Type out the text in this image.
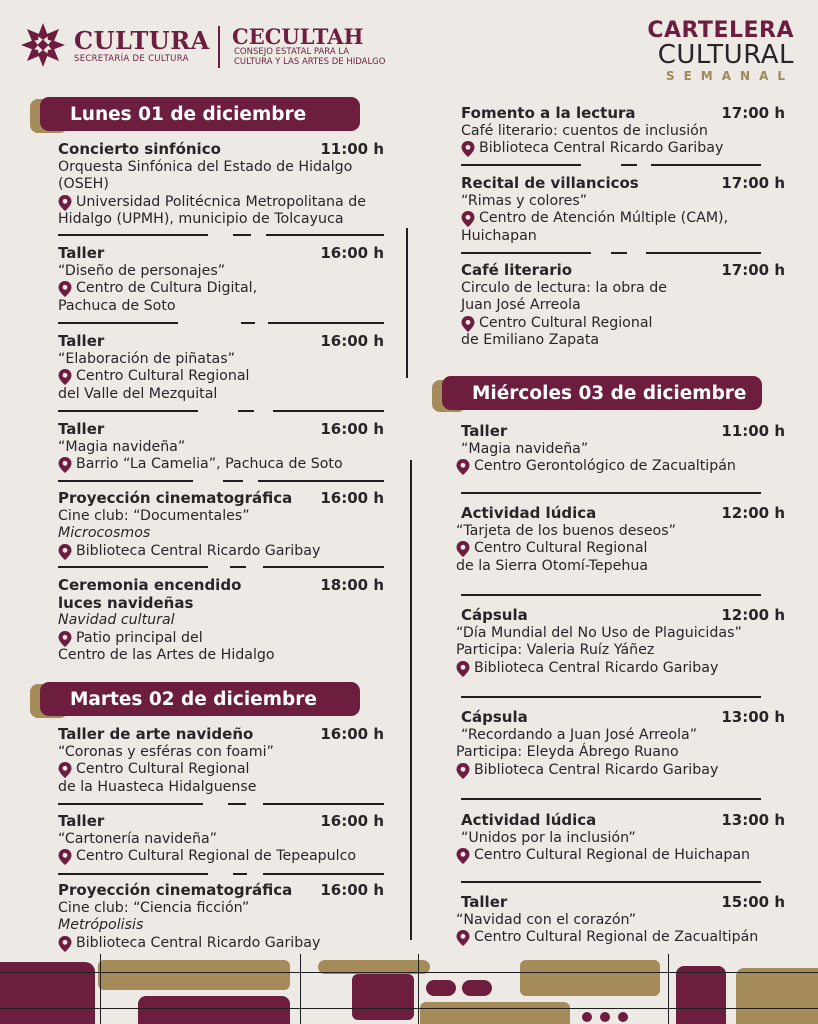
CULTURA
SECRETARÍA DE CULTURA
CECULTAH
CONSEJO ESTATAL PARA LA
CULTURA Y LAS ARTES DE HIDALGO
CARTELERA
CULTURAL
SEMANAL
Lunes 01 de diciembre
Concierto sinfónico	11:00 h
Orquesta Sinfónica del Estado de Hidalgo
(OSEH)
Universidad Politécnica Metropolitana de
Hidalgo (UPMH), municipio de Tolcayuca
Taller	16:00 h
“Diseño de personajes”
Centro de Cultura Digital,
Pachuca de Soto
Taller	16:00 h
“Elaboración de piñatas”
Centro Cultural Regional
del Valle del Mezquital
Taller	16:00 h
“Magia navideña”
Barrio “La Camelia”, Pachuca de Soto
Proyección cinematográfica 16:00 h
Cine club: “Documentales”
Microcosmos
Biblioteca Central Ricardo Garibay
Ceremonia encendido
luces navideñas
18:00 h
Navidad cultural
Patio principal del
Centro de las Artes de Hidalgo
Martes 02 de diciembre
Taller de arte navideño	16:00 h
“Coronas y esféras con foami”
Centro Cultural Regional
de la Huasteca Hidalguense
Taller	16:00 h
“Cartonería navideña”
Centro Cultural Regional de Tepeapulco
Proyección cinematográfica 16:00 h
Cine club: “Ciencia ficción”
Metrópolisis
Biblioteca Central Ricardo Garibay
Fomento a la lectura	17:00 h
Café literario: cuentos de inclusión
Biblioteca Central Ricardo Garibay
Recital de villancicos	17:00 h
“Rimas y colores”
Centro de Atención Múltiple (CAM),
Huichapan
Café literario	17:00 h
Circulo de lectura: la obra de
Juan José Arreola
Centro Cultural Regional
de Emiliano Zapata
Miércoles 03 de diciembre
Taller	11:00 h
“Magia navideña”
Centro Gerontológico de Zacualtipán
Actividad lúdica	12:00 h
“Tarjeta de los buenos deseos”
Centro Cultural Regional
de la Sierra Otomí-Tepehua
Cápsula	12:00 h
“Día Mundial del No Uso de Plaguicidas”
Participa: Valeria Ruíz Yáñez
Biblioteca Central Ricardo Garibay
Cápsula	13:00 h
“Recordando a Juan José Arreola”
Participa: Eleyda Ábrego Ruano
Biblioteca Central Ricardo Garibay
Actividad lúdica	13:00 h
“Unidos por la inclusión”
Centro Cultural Regional de Huichapan
Taller	15:00 h
“Navidad con el corazón”
Centro Cultural Regional de Zacualtipán
